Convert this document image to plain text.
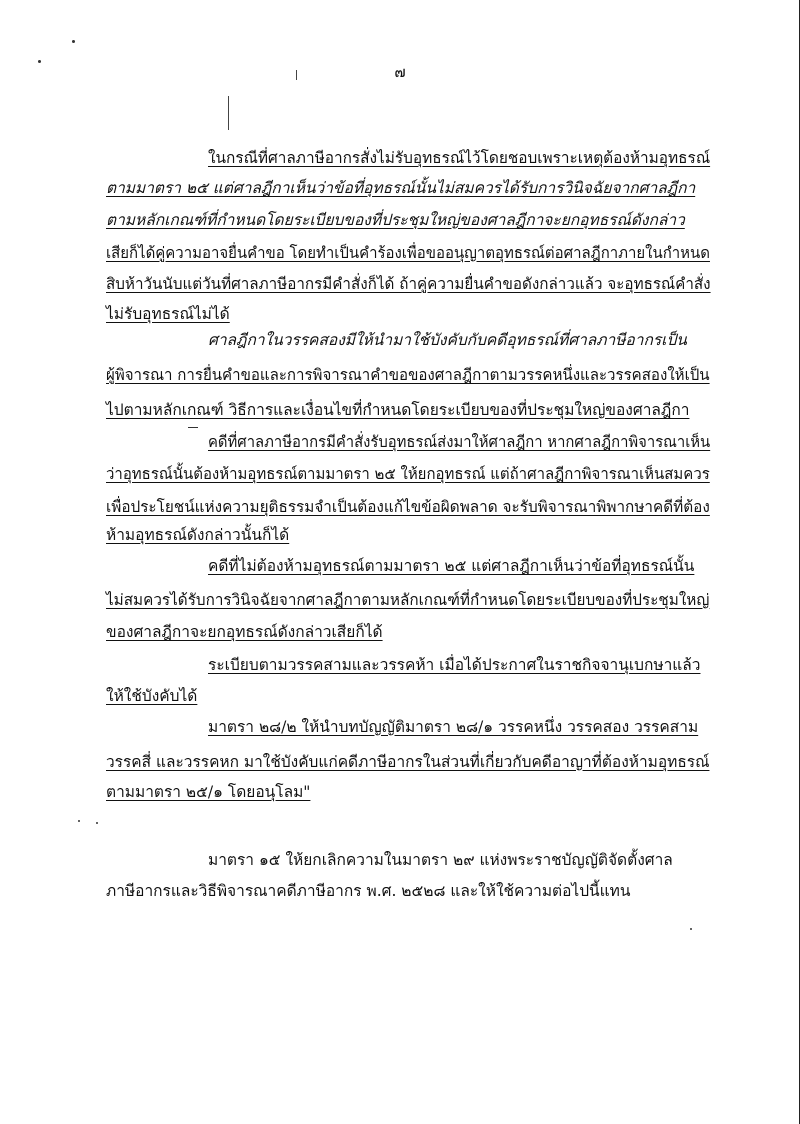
๗
ในกรณีที่ศาลภาษีอากรสั่งไม่รับอุทธรณ์ไว้โดยชอบเพราะเหตุต้องห้ามอุทธรณ์
ตามมาตรา ๒๕ แต่ศาลฎีกาเห็นว่าข้อที่อุทธรณ์นั้นไม่สมควรได้รับการวินิจฉัยจากศาลฎีกา
ตามหลักเกณฑ์ที่กำหนดโดยระเบียบของที่ประชุมใหญ่ของศาลฎีกาจะยกอุทธรณ์ดังกล่าว
เสียก็ได้คู่ความอาจยื่นคำขอ โดยทำเป็นคำร้องเพื่อขออนุญาตอุทธรณ์ต่อศาลฎีกาภายในกำหนด
สิบห้าวันนับแต่วันที่ศาลภาษีอากรมีคำสั่งก็ได้ ถ้าคู่ความยื่นคำขอดังกล่าวแล้ว จะอุทธรณ์คำสั่ง
ไม่รับอุทธรณ์ไม่ได้
ศาลฎีกาในวรรคสองมีให้นำมาใช้บังคับกับคดีอุทธรณ์ที่ศาลภาษีอากรเป็น
ผู้พิจารณา การยื่นคำขอและการพิจารณาคำขอของศาลฎีกาตามวรรคหนึ่งและวรรคสองให้เป็น
ไปตามหลักเกณฑ์ วิธีการและเงื่อนไขที่กำหนดโดยระเบียบของที่ประชุมใหญ่ของศาลฎีกา
คดีที่ศาลภาษีอากรมีคำสั่งรับอุทธรณ์ส่งมาให้ศาลฎีกา หากศาลฎีกาพิจารณาเห็น
ว่าอุทธรณ์นั้นต้องห้ามอุทธรณ์ตามมาตรา ๒๕ ให้ยกอุทธรณ์ แต่ถ้าศาลฎีกาพิจารณาเห็นสมควร
เพื่อประโยชน์แห่งความยุติธรรมจำเป็นต้องแก้ไขข้อผิดพลาด จะรับพิจารณาพิพากษาคดีที่ต้อง
ห้ามอุทธรณ์ดังกล่าวนั้นก็ได้
คดีที่ไม่ต้องห้ามอุทธรณ์ตามมาตรา ๒๕ แต่ศาลฎีกาเห็นว่าข้อที่อุทธรณ์นั้น
ไม่สมควรได้รับการวินิจฉัยจากศาลฎีกาตามหลักเกณฑ์ที่กำหนดโดยระเบียบของที่ประชุมใหญ่
ของศาลฎีกาจะยกอุทธรณ์ดังกล่าวเสียก็ได้
ระเบียบตามวรรคสามและวรรคห้า เมื่อได้ประกาศในราชกิจจานุเบกษาแล้ว
ให้ใช้บังคับได้
มาตรา ๒๘/๒ ให้นำบทบัญญัติมาตรา ๒๘/๑ วรรคหนึ่ง วรรคสอง วรรคสาม
วรรคสี่ และวรรคหก มาใช้บังคับแก่คดีภาษีอากรในส่วนที่เกี่ยวกับคดีอาญาที่ต้องห้ามอุทธรณ์
ตามมาตรา ๒๕/๑ โดยอนุโลม"
มาตรา ๑๕ ให้ยกเลิกความในมาตรา ๒๙ แห่งพระราชบัญญัติจัดตั้งศาล
ภาษีอากรและวิธีพิจารณาคดีภาษีอากร พ.ศ. ๒๕๒๘ และให้ใช้ความต่อไปนี้แทน
